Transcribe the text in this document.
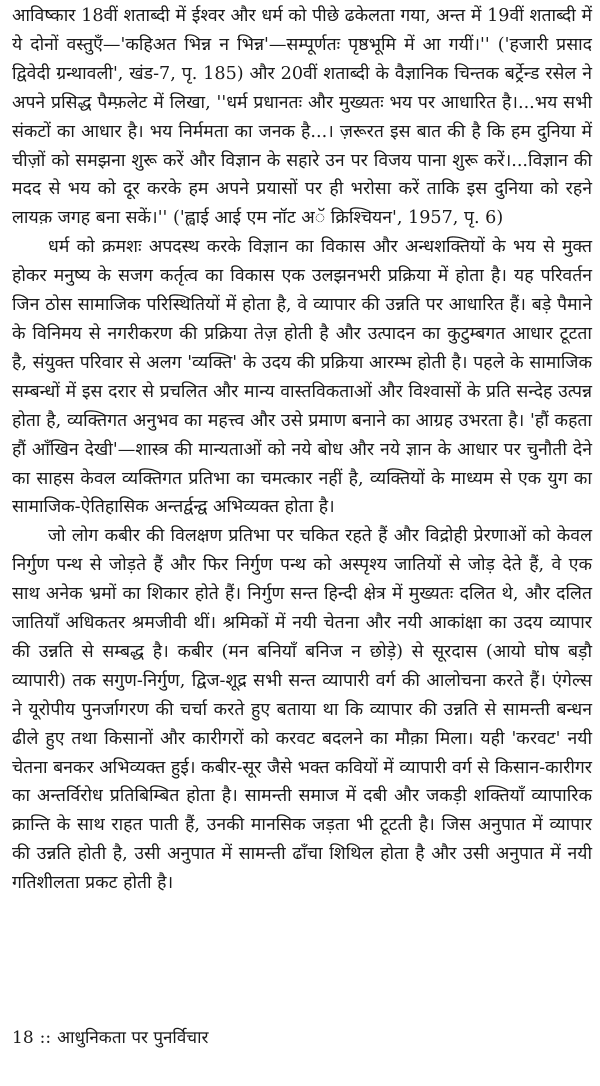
आविष्कार 18वीं शताब्दी में ईश्वर और धर्म को पीछे ढकेलता गया, अन्त में 19वीं शताब्दी में ये दोनों वस्तुएँ—'कहिअत भिन्न न भिन्न'—सम्पूर्णतः पृष्ठभूमि में आ गयीं।'' ('हजारी प्रसाद द्विवेदी ग्रन्थावली', खंड-7, पृ. 185) और 20वीं शताब्दी के वैज्ञानिक चिन्तक बर्ट्रेन्ड रसेल ने अपने प्रसिद्ध पैम्फ़लेट में लिखा, ''धर्म प्रधानतः और मुख्यतः भय पर आधारित है।...भय सभी संकटों का आधार है। भय निर्ममता का जनक है...। ज़रूरत इस बात की है कि हम दुनिया में चीज़ों को समझना शुरू करें और विज्ञान के सहारे उन पर विजय पाना शुरू करें।...विज्ञान की मदद से भय को दूर करके हम अपने प्रयासों पर ही भरोसा करें ताकि इस दुनिया को रहने लायक़ जगह बना सकें।'' ('ह्वाई आई एम नॉट अॅ क्रिश्चियन', 1957, पृ. 6)

धर्म को क्रमशः अपदस्थ करके विज्ञान का विकास और अन्धशक्तियों के भय से मुक्त होकर मनुष्य के सजग कर्तृत्व का विकास एक उलझनभरी प्रक्रिया में होता है। यह परिवर्तन जिन ठोस सामाजिक परिस्थितियों में होता है, वे व्यापार की उन्नति पर आधारित हैं। बड़े पैमाने के विनिमय से नगरीकरण की प्रक्रिया तेज़ होती है और उत्पादन का कुटुम्बगत आधार टूटता है, संयुक्त परिवार से अलग 'व्यक्ति' के उदय की प्रक्रिया आरम्भ होती है। पहले के सामाजिक सम्बन्धों में इस दरार से प्रचलित और मान्य वास्तविकताओं और विश्वासों के प्रति सन्देह उत्पन्न होता है, व्यक्तिगत अनुभव का महत्त्व और उसे प्रमाण बनाने का आग्रह उभरता है। 'हौं कहता हौं आँखिन देखी'—शास्त्र की मान्यताओं को नये बोध और नये ज्ञान के आधार पर चुनौती देने का साहस केवल व्यक्तिगत प्रतिभा का चमत्कार नहीं है, व्यक्तियों के माध्यम से एक युग का सामाजिक-ऐतिहासिक अन्तर्द्वन्द्व अभिव्यक्त होता है।

जो लोग कबीर की विलक्षण प्रतिभा पर चकित रहते हैं और विद्रोही प्रेरणाओं को केवल निर्गुण पन्थ से जोड़ते हैं और फिर निर्गुण पन्थ को अस्पृश्य जातियों से जोड़ देते हैं, वे एक साथ अनेक भ्रमों का शिकार होते हैं। निर्गुण सन्त हिन्दी क्षेत्र में मुख्यतः दलित थे, और दलित जातियाँ अधिकतर श्रमजीवी थीं। श्रमिकों में नयी चेतना और नयी आकांक्षा का उदय व्यापार की उन्नति से सम्बद्ध है। कबीर (मन बनियाँ बनिज न छोड़े) से सूरदास (आयो घोष बड़ौ व्यापारी) तक सगुण-निर्गुण, द्विज-शूद्र सभी सन्त व्यापारी वर्ग की आलोचना करते हैं। एंगेल्स ने यूरोपीय पुनर्जागरण की चर्चा करते हुए बताया था कि व्यापार की उन्नति से सामन्ती बन्धन ढीले हुए तथा किसानों और कारीगरों को करवट बदलने का मौक़ा मिला। यही 'करवट' नयी चेतना बनकर अभिव्यक्त हुई। कबीर-सूर जैसे भक्त कवियों में व्यापारी वर्ग से किसान-कारीगर का अन्तर्विरोध प्रतिबिम्बित होता है। सामन्ती समाज में दबी और जकड़ी शक्तियाँ व्यापारिक क्रान्ति के साथ राहत पाती हैं, उनकी मानसिक जड़ता भी टूटती है। जिस अनुपात में व्यापार की उन्नति होती है, उसी अनुपात में सामन्ती ढाँचा शिथिल होता है और उसी अनुपात में नयी गतिशीलता प्रकट होती है।

18 :: आधुनिकता पर पुनर्विचार
